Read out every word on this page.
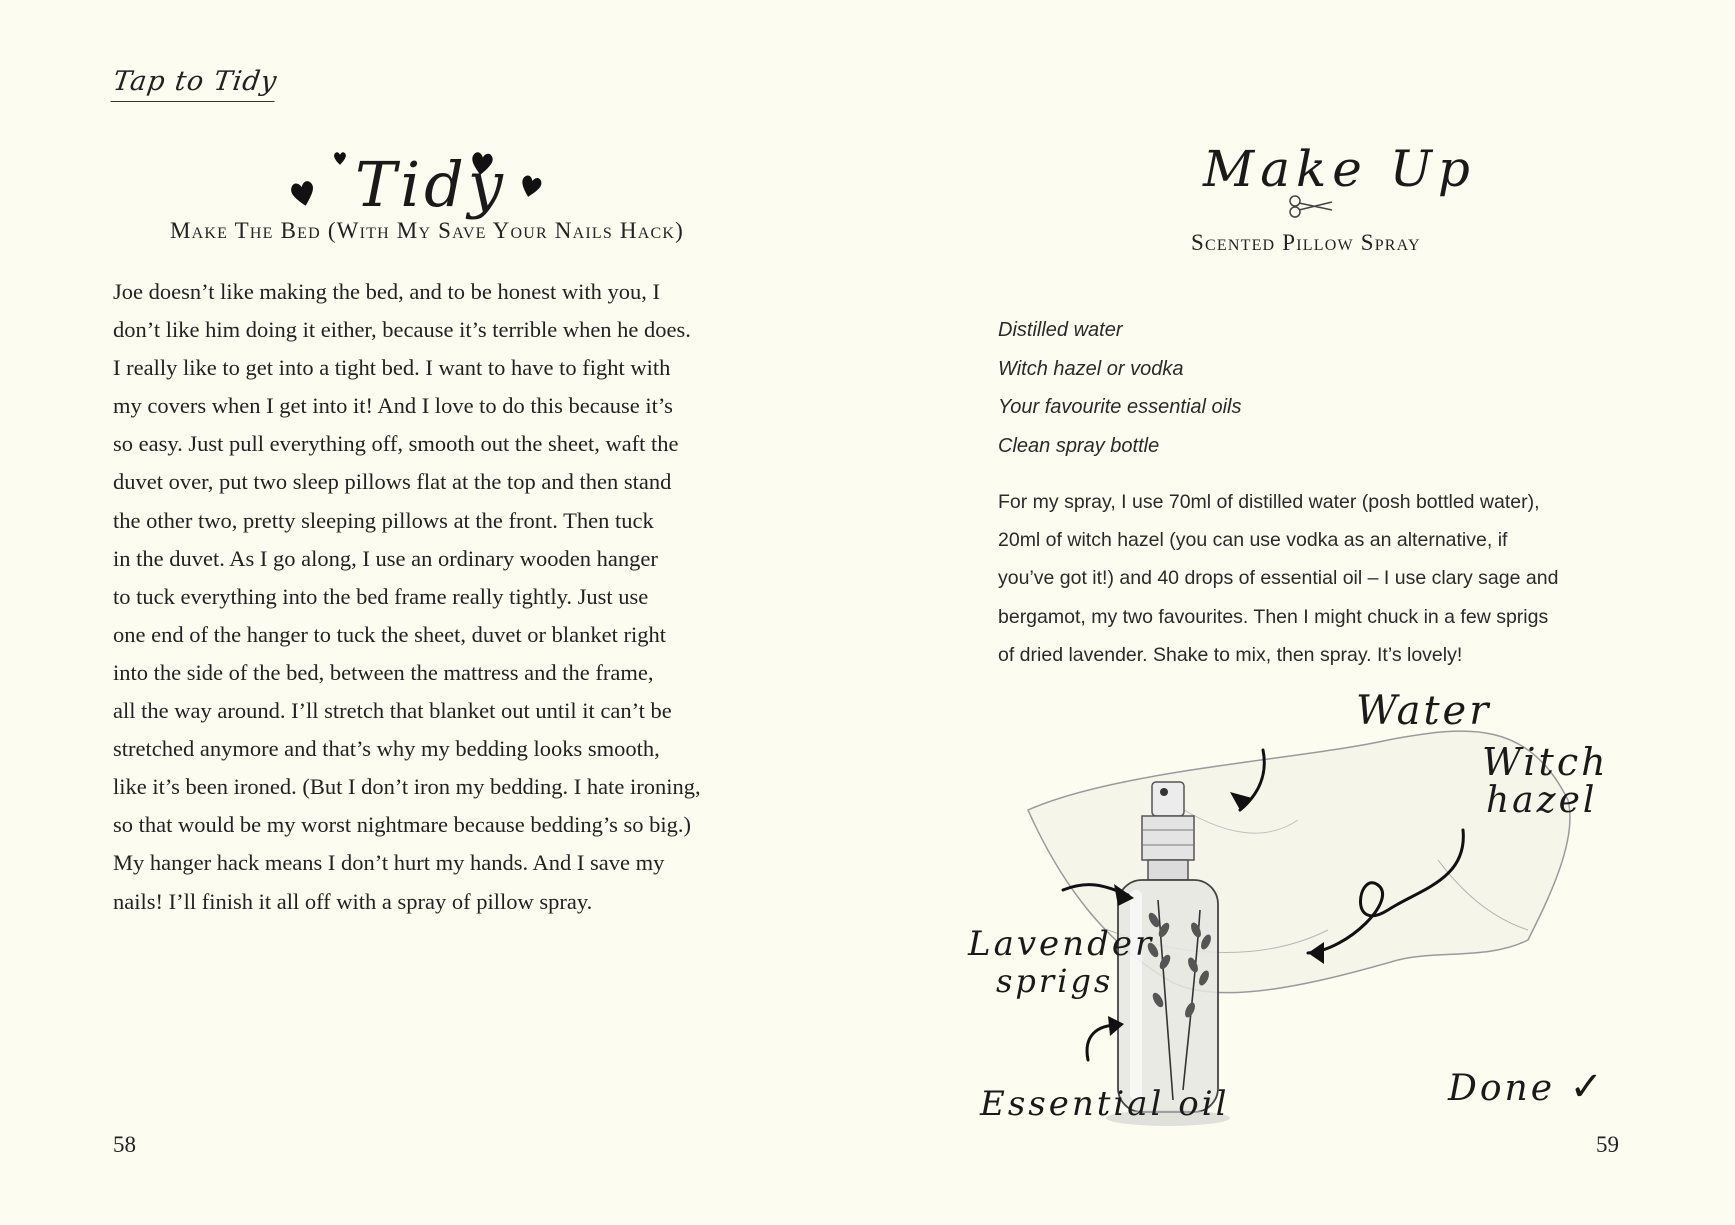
Tap to Tidy
Tidy
Make The Bed (With My Save Your Nails Hack)

Joe doesn’t like making the bed, and to be honest with you, I

don’t like him doing it either, because it’s terrible when he does.

I really like to get into a tight bed. I want to have to fight with

my covers when I get into it! And I love to do this because it’s

so easy. Just pull everything off, smooth out the sheet, waft the

duvet over, put two sleep pillows flat at the top and then stand

the other two, pretty sleeping pillows at the front. Then tuck

in the duvet. As I go along, I use an ordinary wooden hanger

to tuck everything into the bed frame really tightly. Just use

one end of the hanger to tuck the sheet, duvet or blanket right

into the side of the bed, between the mattress and the frame,

all the way around. I’ll stretch that blanket out until it can’t be

stretched anymore and that’s why my bedding looks smooth,

like it’s been ironed. (But I don’t iron my bedding. I hate ironing,

so that would be my worst nightmare because bedding’s so big.)

My hanger hack means I don’t hurt my hands. And I save my

nails! I’ll finish it all off with a spray of pillow spray.

58
Make Up
Scented Pillow Spray
Distilled water
Witch hazel or vodka
Your favourite essential oils
Clean spray bottle

For my spray, I use 70ml of distilled water (posh bottled water),

20ml of witch hazel (you can use vodka as an alternative, if

you’ve got it!) and 40 drops of essential oil – I use clary sage and

bergamot, my two favourites. Then I might chuck in a few sprigs

of dried lavender. Shake to mix, then spray. It’s lovely!

Water
Witch
hazel
Lavender
sprigs
Essential oil	Done ✓
59
